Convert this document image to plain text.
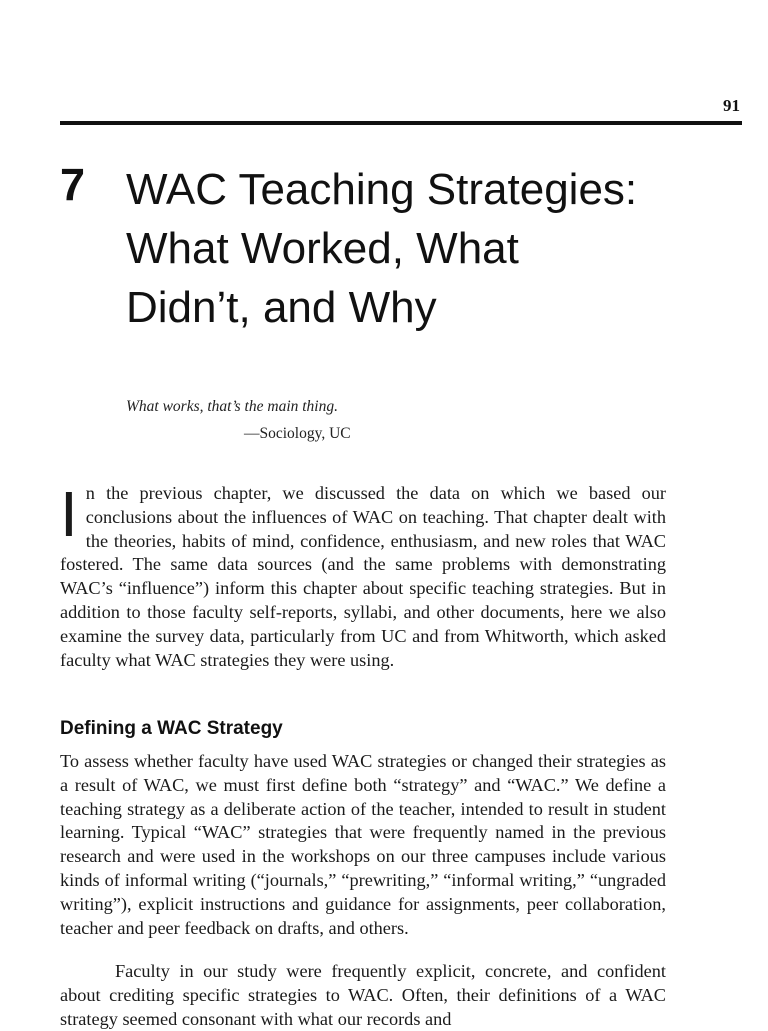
91
7 WAC Teaching Strategies: What Worked, What Didn’t, and Why
What works, that’s the main thing.
—Sociology, UC

In the previous chapter, we discussed the data on which we based our conclusions about the influences of WAC on teaching. That chapter dealt with the theories, habits of mind, confidence, enthusiasm, and new roles that WAC fostered. The same data sources (and the same problems with demonstrating WAC’s “influence”) inform this chapter about specific teaching strategies. But in addition to those faculty self-reports, syllabi, and other documents, here we also examine the survey data, particularly from UC and from Whitworth, which asked faculty what WAC strategies they were using.

Defining a WAC Strategy

To assess whether faculty have used WAC strategies or changed their strategies as a result of WAC, we must first define both “strategy” and “WAC.” We define a teaching strategy as a deliberate action of the teacher, intended to result in student learning. Typical “WAC” strategies that were frequently named in the previous research and were used in the workshops on our three campuses include various kinds of informal writing (“journals,” “prewriting,” “informal writing,” “ungraded writing”), explicit instructions and guidance for assignments, peer collaboration, teacher and peer feedback on drafts, and others.

Faculty in our study were frequently explicit, concrete, and confident about crediting specific strategies to WAC. Often, their definitions of a WAC strategy seemed consonant with what our records and
